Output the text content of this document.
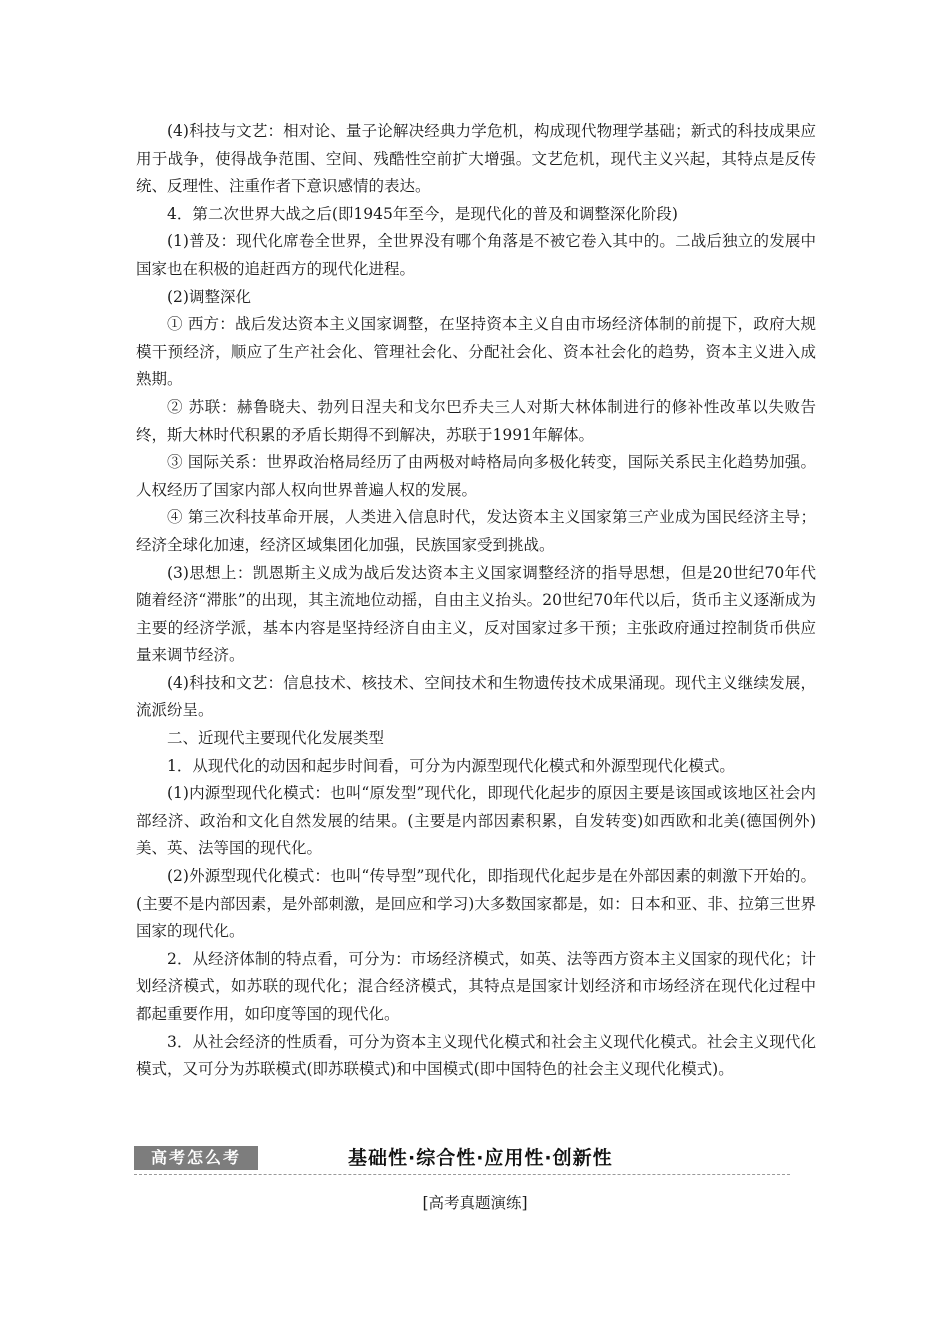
(4)科技与文艺：相对论、量子论解决经典力学危机，构成现代物理学基础；新式的科技成果应用于战争，使得战争范围、空间、残酷性空前扩大增强。文艺危机，现代主义兴起，其特点是反传统、反理性、注重作者下意识感情的表达。

4．第二次世界大战之后(即1945年至今，是现代化的普及和调整深化阶段)

(1)普及：现代化席卷全世界，全世界没有哪个角落是不被它卷入其中的。二战后独立的发展中国家也在积极的追赶西方的现代化进程。

(2)调整深化

① 西方：战后发达资本主义国家调整，在坚持资本主义自由市场经济体制的前提下，政府大规模干预经济，顺应了生产社会化、管理社会化、分配社会化、资本社会化的趋势，资本主义进入成熟期。

② 苏联：赫鲁晓夫、勃列日涅夫和戈尔巴乔夫三人对斯大林体制进行的修补性改革以失败告终，斯大林时代积累的矛盾长期得不到解决，苏联于1991年解体。

③ 国际关系：世界政治格局经历了由两极对峙格局向多极化转变，国际关系民主化趋势加强。人权经历了国家内部人权向世界普遍人权的发展。

④ 第三次科技革命开展，人类进入信息时代，发达资本主义国家第三产业成为国民经济主导；经济全球化加速，经济区域集团化加强，民族国家受到挑战。

(3)思想上：凯恩斯主义成为战后发达资本主义国家调整经济的指导思想，但是20世纪70年代随着经济“滞胀”的出现，其主流地位动摇，自由主义抬头。20世纪70年代以后，货币主义逐渐成为主要的经济学派，基本内容是坚持经济自由主义，反对国家过多干预；主张政府通过控制货币供应量来调节经济。

(4)科技和文艺：信息技术、核技术、空间技术和生物遗传技术成果涌现。现代主义继续发展，流派纷呈。

二、近现代主要现代化发展类型

1．从现代化的动因和起步时间看，可分为内源型现代化模式和外源型现代化模式。

(1)内源型现代化模式：也叫“原发型”现代化，即现代化起步的原因主要是该国或该地区社会内部经济、政治和文化自然发展的结果。(主要是内部因素积累，自发转变)如西欧和北美(德国例外)美、英、法等国的现代化。

(2)外源型现代化模式：也叫“传导型”现代化，即指现代化起步是在外部因素的刺激下开始的。(主要不是内部因素，是外部刺激，是回应和学习)大多数国家都是，如：日本和亚、非、拉第三世界国家的现代化。

2．从经济体制的特点看，可分为：市场经济模式，如英、法等西方资本主义国家的现代化；计划经济模式，如苏联的现代化；混合经济模式，其特点是国家计划经济和市场经济在现代化过程中都起重要作用，如印度等国的现代化。

3．从社会经济的性质看，可分为资本主义现代化模式和社会主义现代化模式。社会主义现代化模式，又可分为苏联模式(即苏联模式)和中国模式(即中国特色的社会主义现代化模式)。

高考怎么考	基础性·综合性·应用性·创新性
[高考真题演练]
